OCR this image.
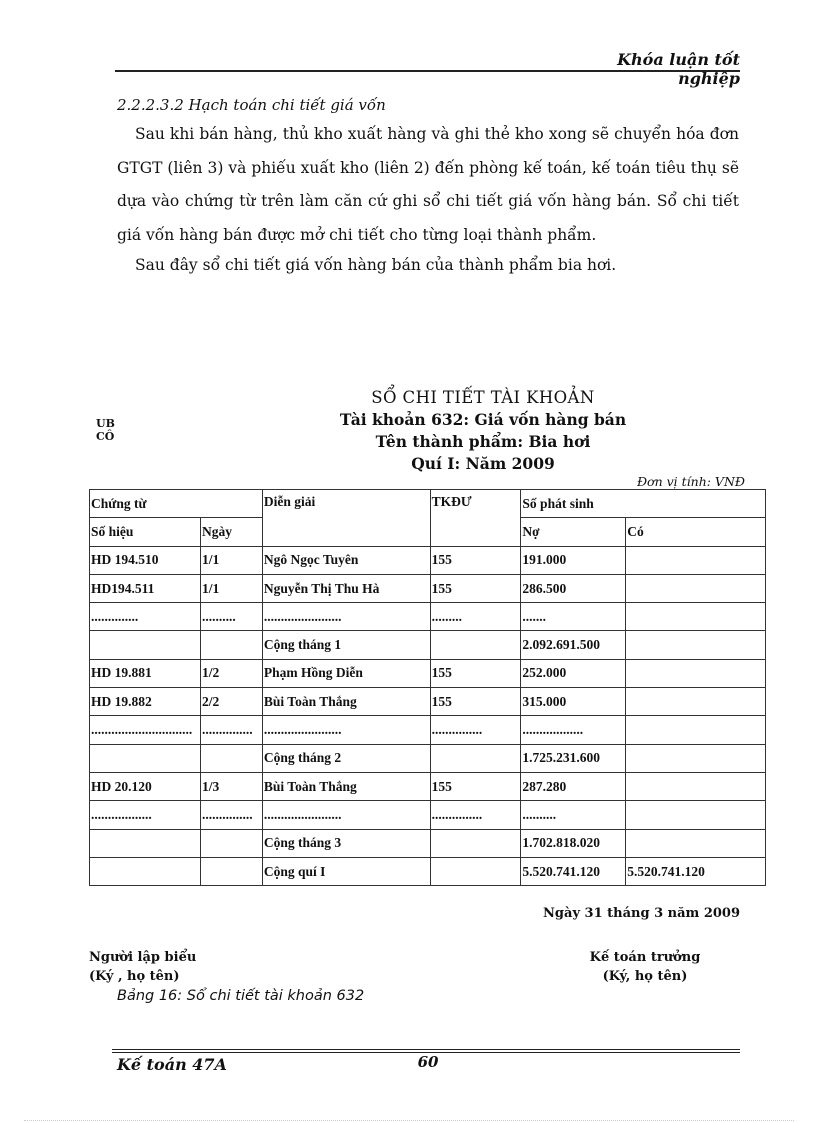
Khóa luận tốt nghiệp
2.2.2.3.2 Hạch toán chi tiết giá vốn
Sau khi bán hàng, thủ kho xuất hàng và ghi thẻ kho xong sẽ chuyển hóa đơn GTGT (liên 3) và phiếu xuất kho (liên 2) đến phòng kế toán, kế toán tiêu thụ sẽ dựa vào chứng từ trên làm căn cứ ghi sổ chi tiết giá vốn hàng bán. Sổ chi tiết giá vốn hàng bán được mở chi tiết cho từng loại thành phẩm.
Sau đây sổ chi tiết giá vốn hàng bán của thành phẩm bia hơi.
UB
CÔ
SỔ CHI TIẾT TÀI KHOẢN
Tài khoản 632: Giá vốn hàng bán
Tên thành phẩm: Bia hơi
Quí I: Năm 2009
Đơn vị tính: VNĐ
Chứng từ		Diễn giải	TKĐƯ	Số phát sinh	
Số hiệu	Ngày			Nợ	Có
HD 194.510	1/1	Ngô Ngọc Tuyên	155	191.000	
HD194.511	1/1	Nguyễn Thị Thu Hà	155	286.500	
..............	..........	.......................	.........	.......	
		Cộng tháng 1		2.092.691.500	
HD 19.881	1/2	Phạm Hồng Diễn	155	252.000	
HD 19.882	2/2	Bùi Toàn Thắng	155	315.000	
..............................	...............	.......................	...............	..................	
		Cộng tháng 2		1.725.231.600	
HD 20.120	1/3	Bùi Toàn Thắng	155	287.280	
..................	...............	.......................	...............	..........	
		Cộng tháng 3		1.702.818.020	
		Cộng quí I		5.520.741.120	5.520.741.120
Ngày 31 tháng 3 năm 2009
Người lập biểu
(Ký , họ tên)
Kế toán trưởng
(Ký, họ tên)
Bảng 16: Sổ chi tiết tài khoản 632
Kế toán 47A	60
